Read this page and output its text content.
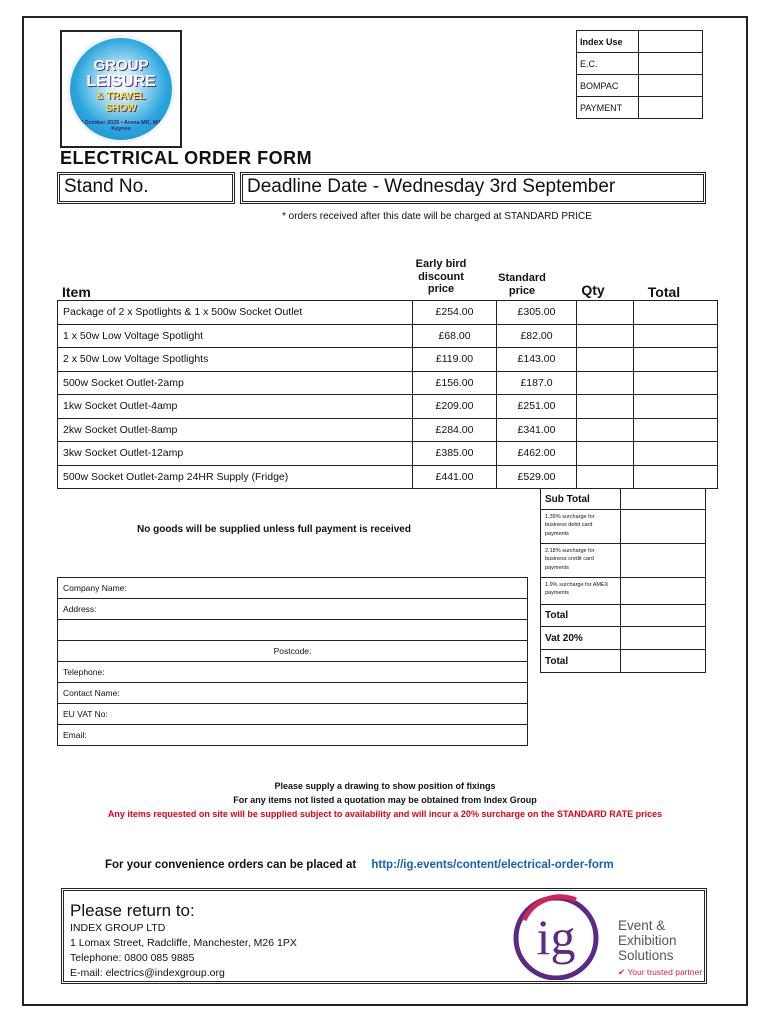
GROUP
LEISURE
& TRAVEL
SHOW
2nd October 2025 • Arena MK, Milton Keynes
Index Use	
E.C.	
BOMPAC	
PAYMENT	
ELECTRICAL ORDER FORM
Stand No.	Deadline Date - Wednesday 3rd September
* orders received after this date will be charged at STANDARD PRICE
Item
Early bird discount price
Standard price	Qty	Total
Package of 2 x Spotlights & 1 x 500w Socket Outlet	£254.00	£305.00		
1 x 50w Low Voltage Spotlight	£68.00	£82.00		
2 x 50w Low Voltage Spotlights	£119.00	£143.00		
500w Socket Outlet-2amp	£156.00	£187.0		
1kw Socket Outlet-4amp	£209.00	£251.00		
2kw Socket Outlet-8amp	£284.00	£341.00		
3kw Socket Outlet-12amp	£385.00	£462.00		
500w Socket Outlet-2amp 24HR Supply (Fridge)	£441.00	£529.00		
Sub Total	
1.39% surcharge for business debit card payments	
2.18% surcharge for business credit card payments	
1.9% surcharge for AMEX payments	
Total	
Vat 20%	
Total	
No goods will be supplied unless full payment is received
Company Name:
Address:

Postcode:
Telephone:
Contact Name:
EU VAT No:
Email:
Please supply a drawing to show position of fixings
For any items not listed a quotation may be obtained from Index Group
Any items requested on site will be supplied subject to availability and will incur a 20% surcharge on the STANDARD RATE prices
For your convenience orders can be placed at http://ig.events/content/electrical-order-form
Please return to:
INDEX GROUP LTD
1 Lomax Street, Radcliffe, Manchester, M26 1PX
Telephone: 0800 085 9885
E-mail: electrics@indexgroup.org
ig	Event &
Exhibition
Solutions
✔ Your trusted partner
